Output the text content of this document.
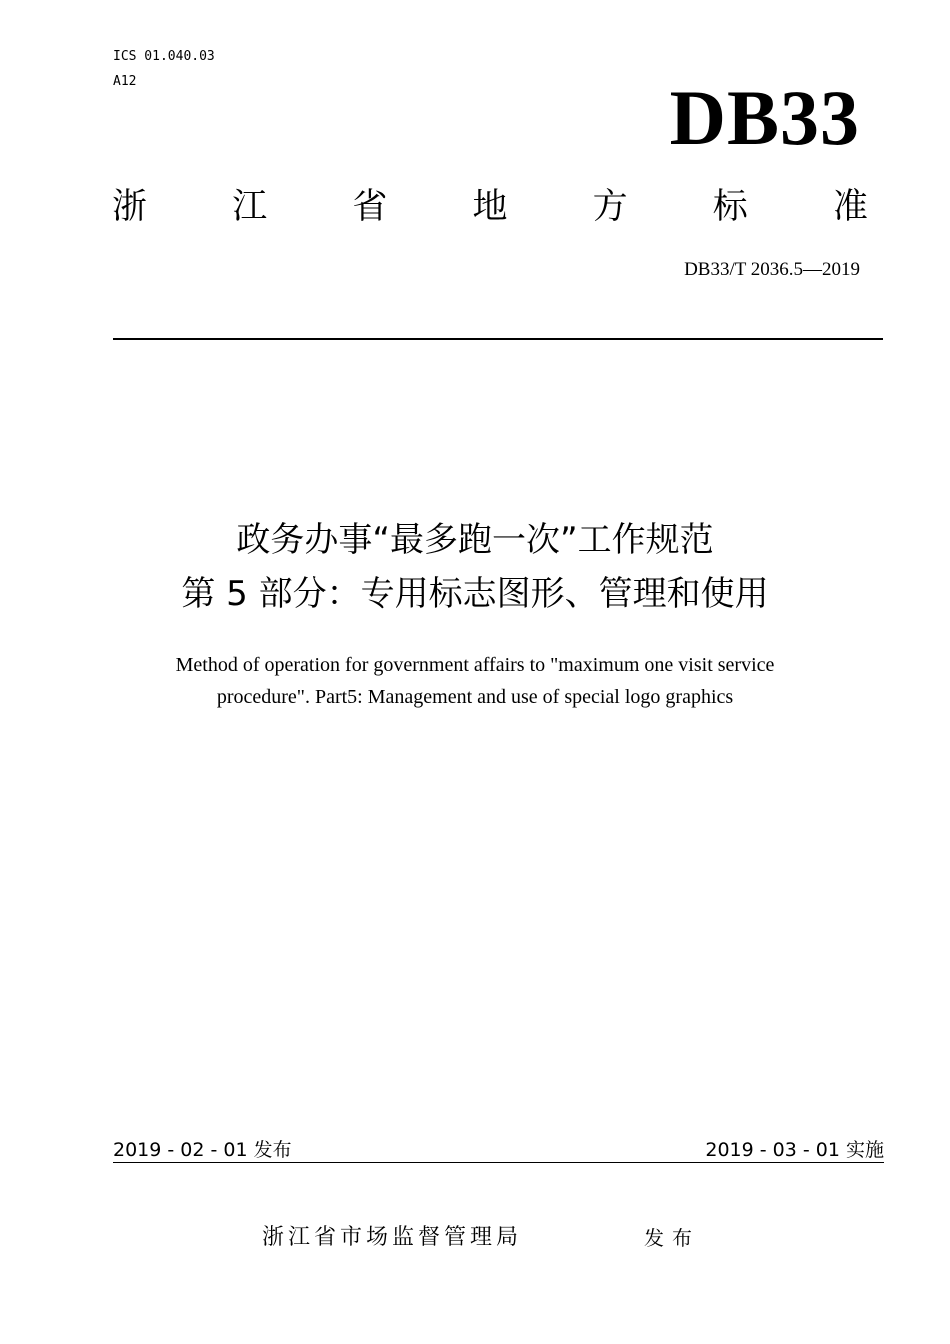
ICS 01.040.03
A12	DB33
浙 江 省 地 方 标 准
DB33/T 2036.5—2019
政务办事“最多跑一次”工作规范
第 5 部分：专用标志图形、管理和使用
Method of operation for government affairs to "maximum one visit service
procedure". Part5: Management and use of special logo graphics
2019 - 02 - 01 发布	2019 - 03 - 01 实施
浙江省市场监督管理局	发布
